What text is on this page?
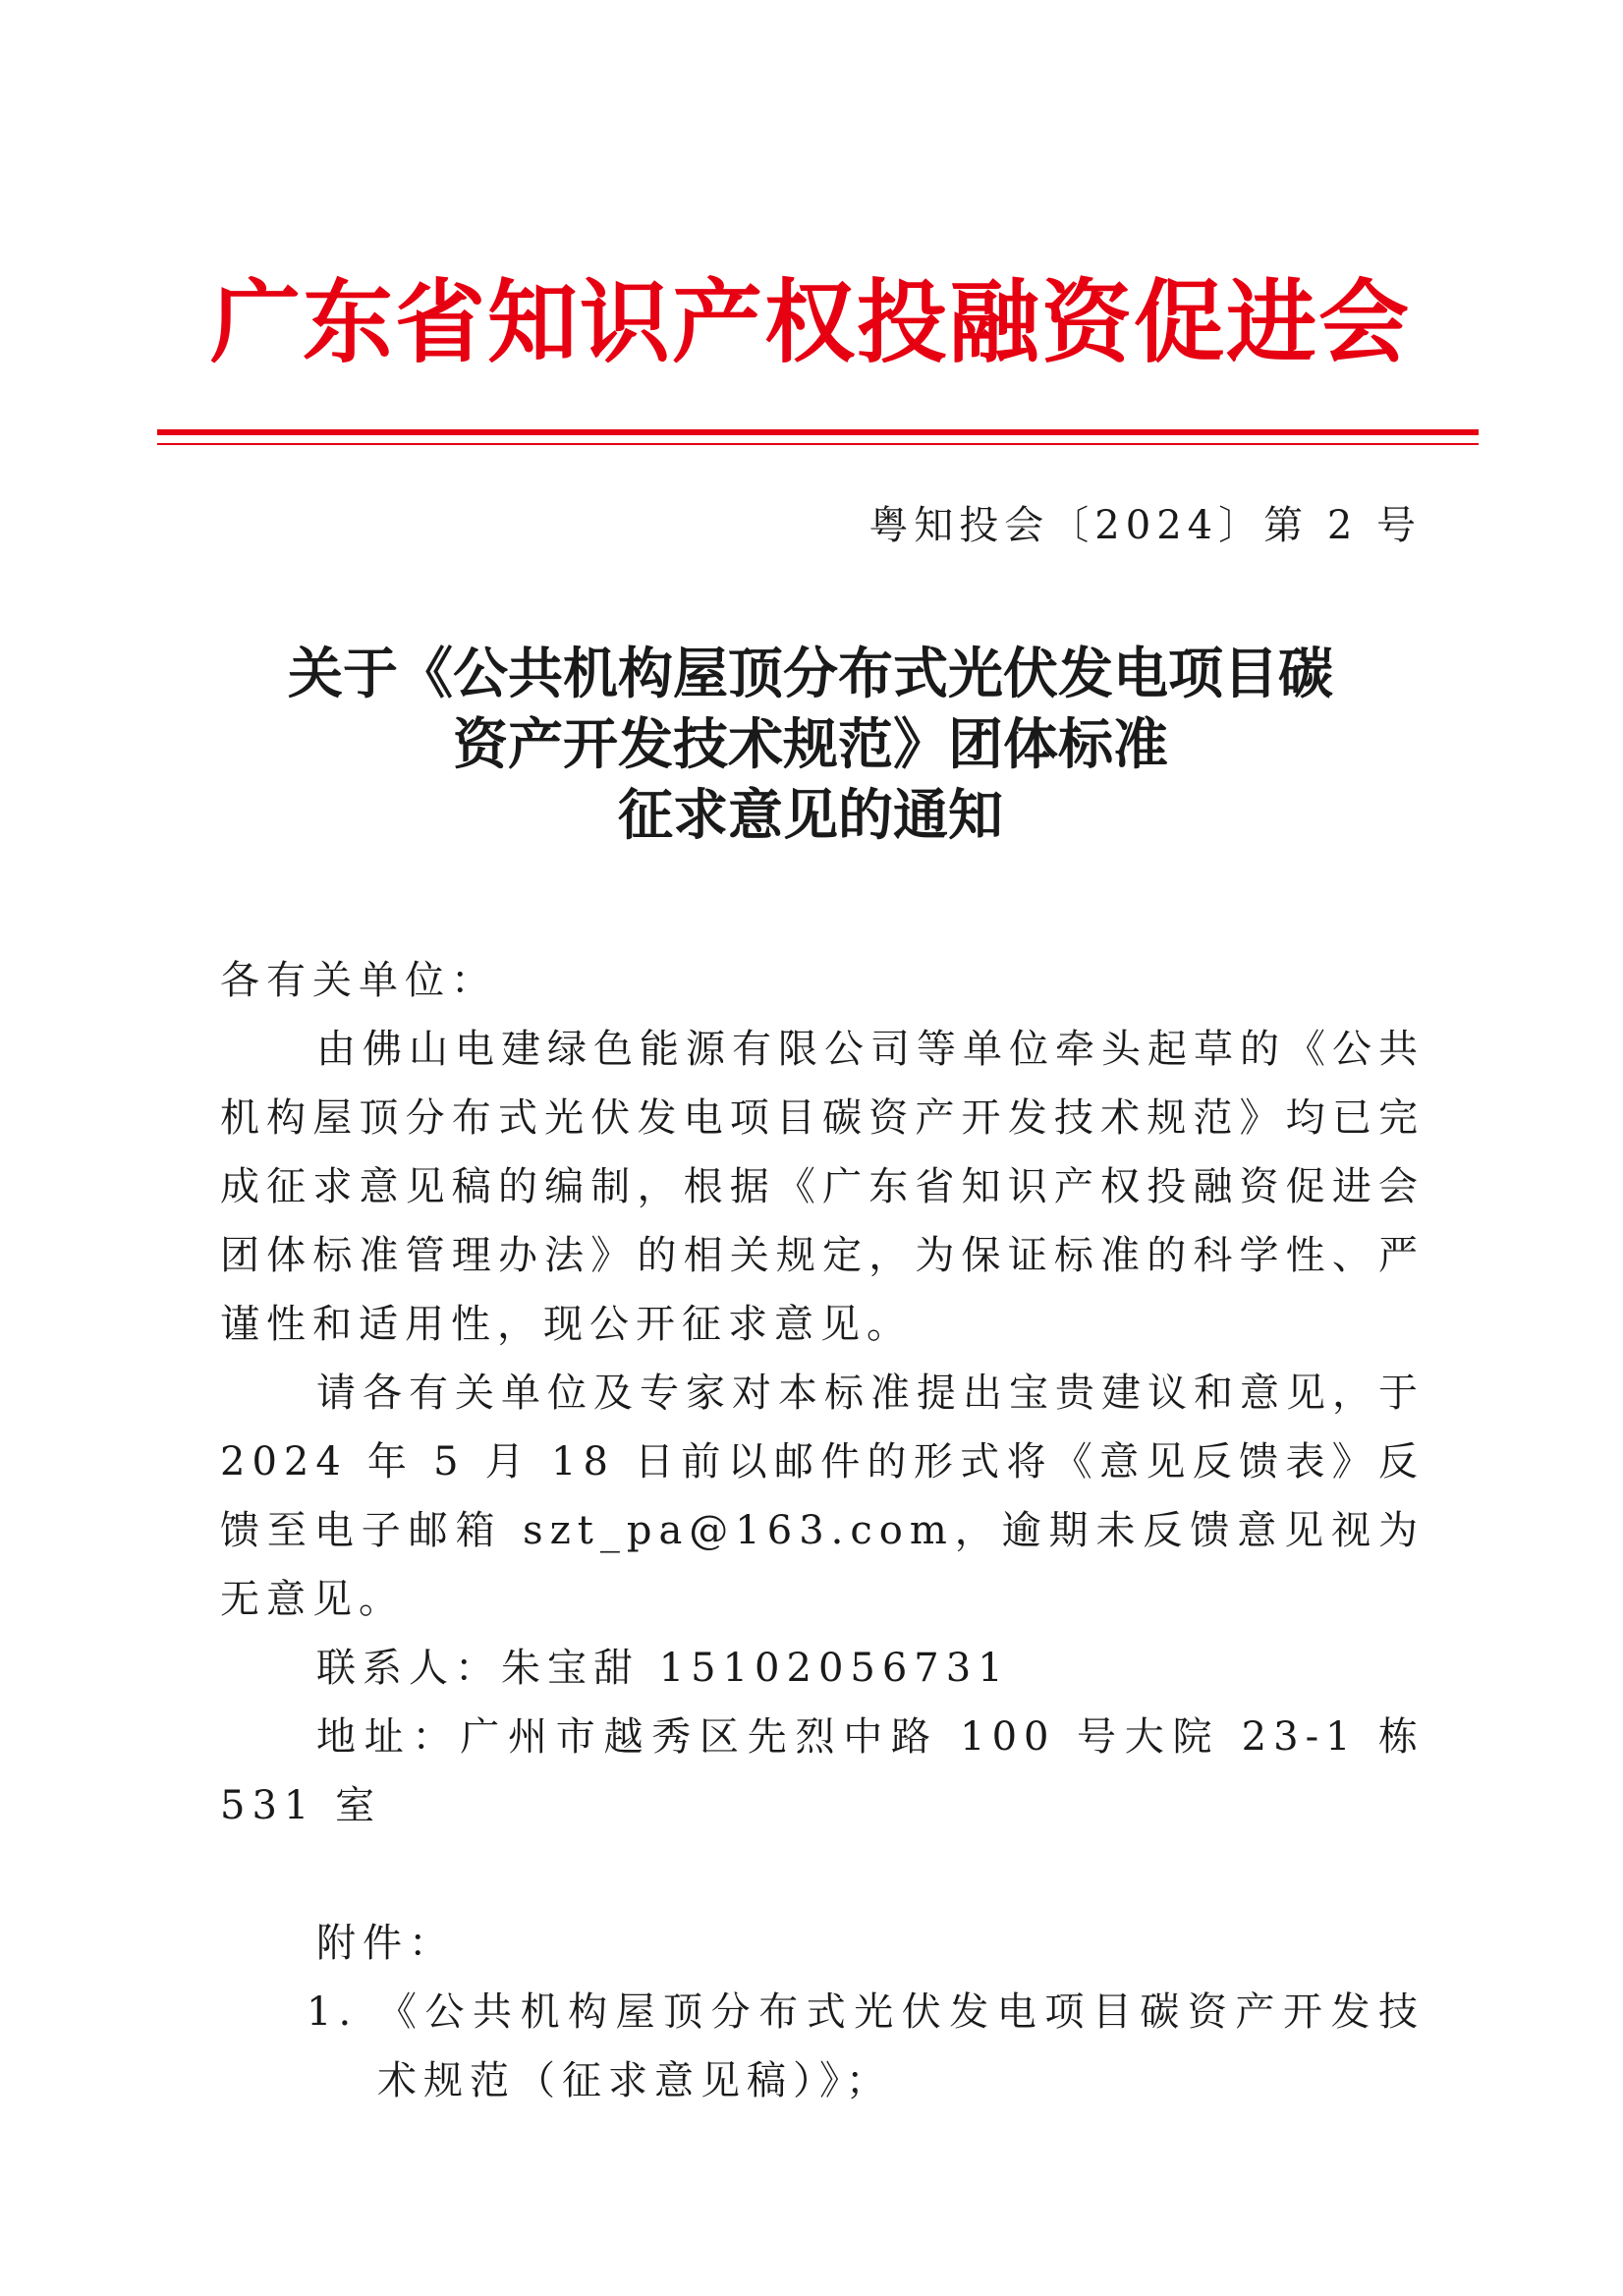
广东省知识产权投融资促进会
粤知投会〔2024〕第 2 号
关于《公共机构屋顶分布式光伏发电项目碳
资产开发技术规范》团体标准
征求意见的通知

各有关单位：

由佛山电建绿色能源有限公司等单位牵头起草的《公共机构屋顶分布式光伏发电项目碳资产开发技术规范》均已完成征求意见稿的编制，根据《广东省知识产权投融资促进会团体标准管理办法》的相关规定，为保证标准的科学性、严谨性和适用性，现公开征求意见。

请各有关单位及专家对本标准提出宝贵建议和意见，于 2024 年 5 月 18 日前以邮件的形式将《意见反馈表》反馈至电子邮箱 szt_pa@163.com，逾期未反馈意见视为无意见。

联系人：朱宝甜 15102056731

地址：广州市越秀区先烈中路 100 号大院 23-1 栋 531 室

附件：

1. 《公共机构屋顶分布式光伏发电项目碳资产开发技术规范（征求意见稿）》；
